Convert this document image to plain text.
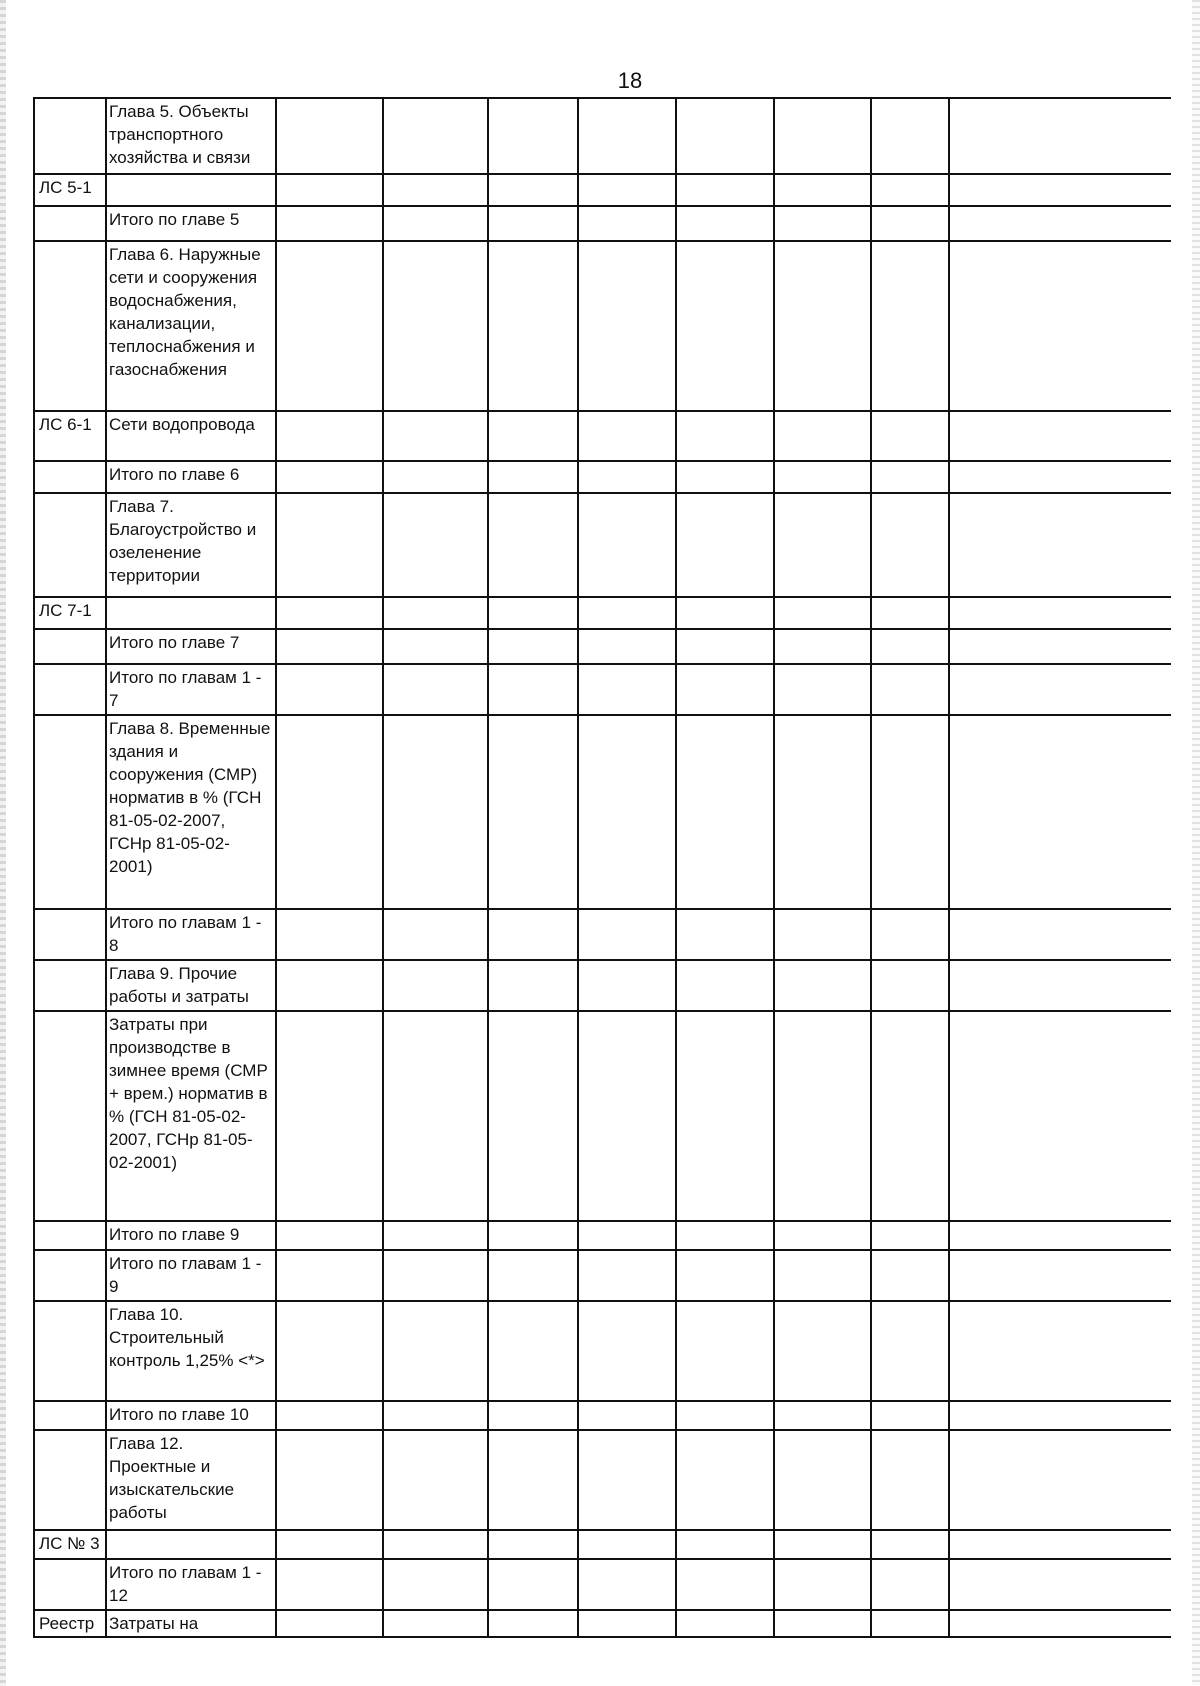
18
	Глава 5. Объекты транспортного хозяйства и связи								
ЛС 5-1									
	Итого по главе 5								
	Глава 6. Наружные сети и сооружения водоснабжения, канализации, теплоснабжения и газоснабжения								
ЛС 6-1	Сети водопровода								
	Итого по главе 6								
	Глава 7. Благоустройство и озеленение территории								
ЛС 7-1									
	Итого по главе 7								
	Итого по главам 1 - 7								
	Глава 8. Временные здания и сооружения (СМР) норматив в % (ГСН 81-05-02-2007, ГСНр 81-05-02-2001)								
	Итого по главам 1 - 8								
	Глава 9. Прочие работы и затраты								
	Затраты при производстве в зимнее время (СМР + врем.) норматив в % (ГСН 81-05-02-2007, ГСНр 81-05-02-2001)								
	Итого по главе 9								
	Итого по главам 1 - 9								
	Глава 10. Строительный контроль 1,25% <*>								
	Итого по главе 10								
	Глава 12. Проектные и изыскательские работы								
ЛС № 3									
	Итого по главам 1 - 12								
Реестр	Затраты на								
